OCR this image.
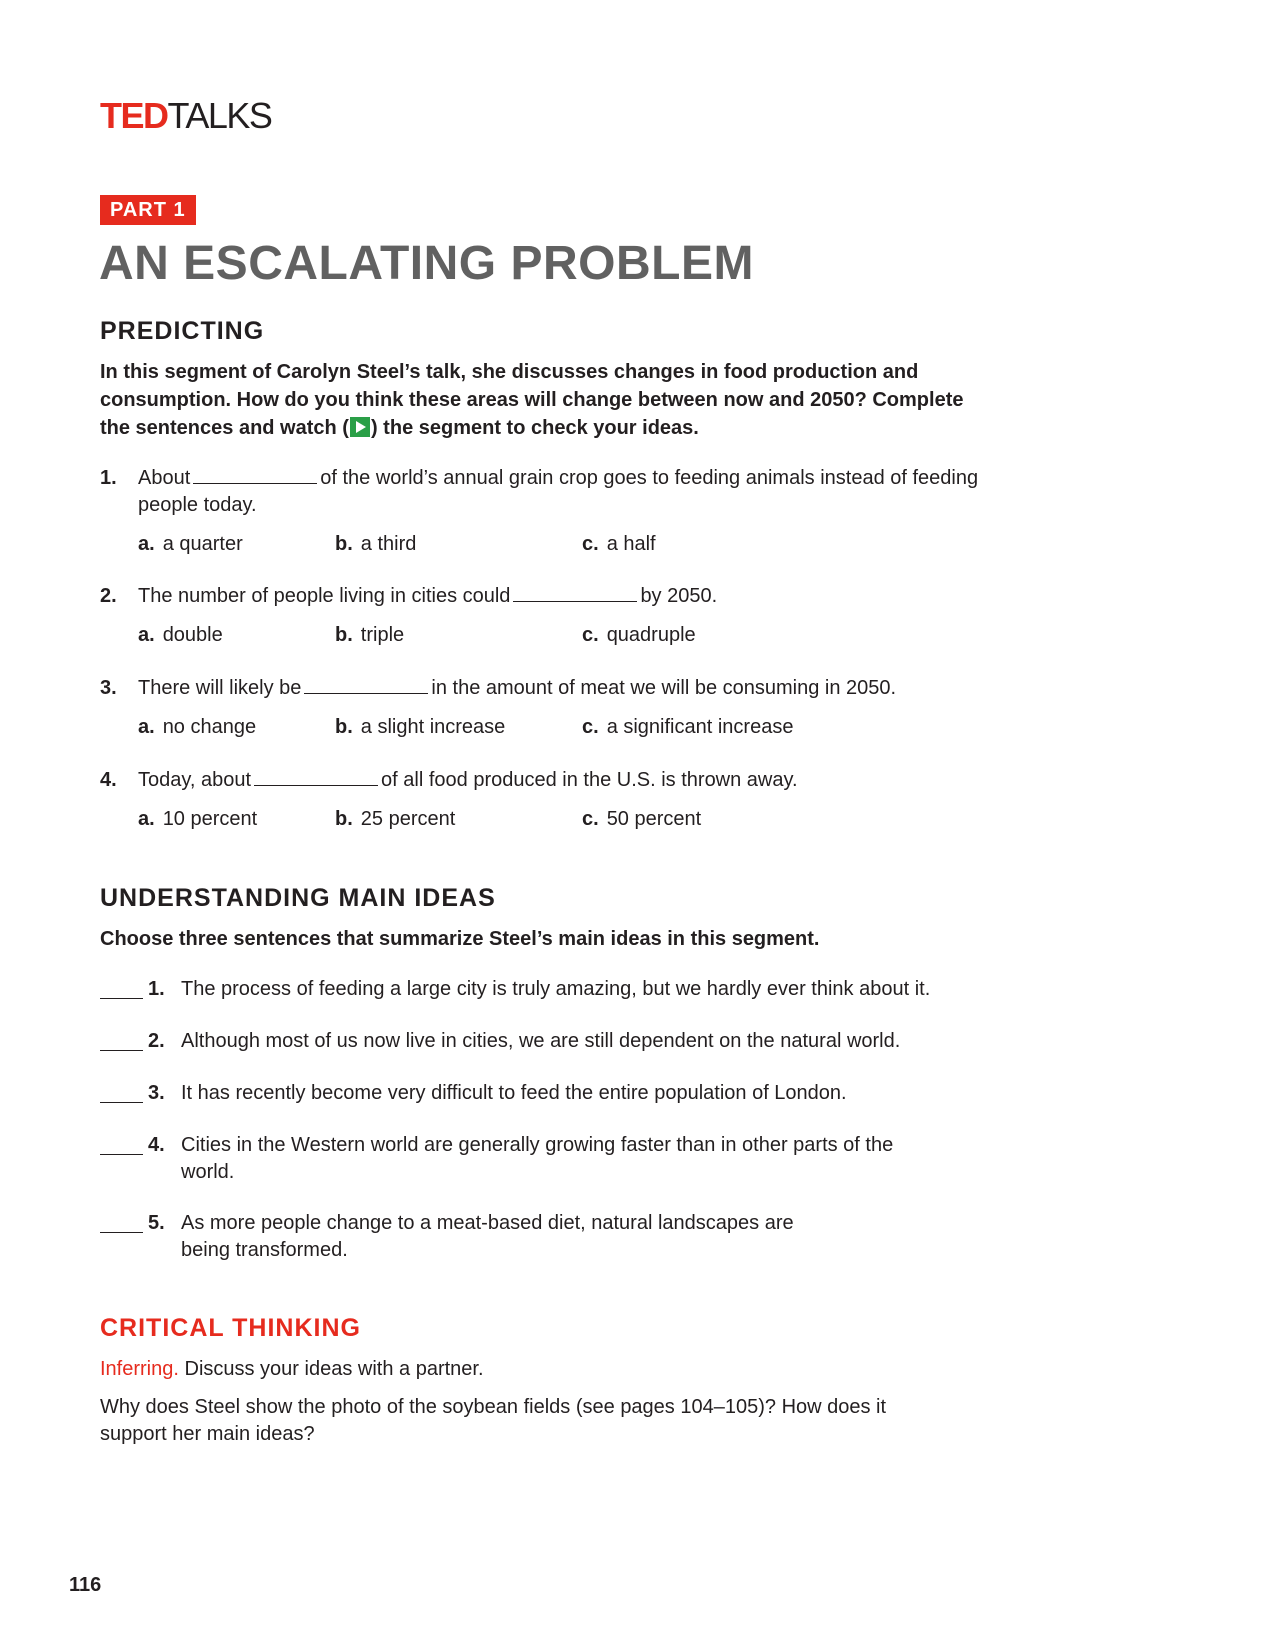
TEDTALKS
PART 1
AN ESCALATING PROBLEM
PREDICTING
In this segment of Carolyn Steel’s talk, she discusses changes in food production and consumption. How do you think these areas will change between now and 2050? Complete the sentences and watch ( ) the segment to check your ideas.
1. About	of the world’s annual grain crop goes to feeding animals instead of feeding people today.
a. a quarter	b. a third	c. a half
2. The number of people living in cities could	by 2050.
a. double	b. triple	c. quadruple
3. There will likely be	in the amount of meat we will be consuming in 2050.
a. no change	b. a slight increase	c. a significant increase
4. Today, about	of all food produced in the U.S. is thrown away.
a. 10 percent	b. 25 percent	c. 50 percent
UNDERSTANDING MAIN IDEAS
Choose three sentences that summarize Steel’s main ideas in this segment.
1. The process of feeding a large city is truly amazing, but we hardly ever think about it.
2. Although most of us now live in cities, we are still dependent on the natural world.
3. It has recently become very difficult to feed the entire population of London.
4. Cities in the Western world are generally growing faster than in other parts of the world.
5. As more people change to a meat-based diet, natural landscapes are being transformed.
CRITICAL THINKING
Inferring. Discuss your ideas with a partner.
Why does Steel show the photo of the soybean fields (see pages 104–105)? How does it support her main ideas?
116
